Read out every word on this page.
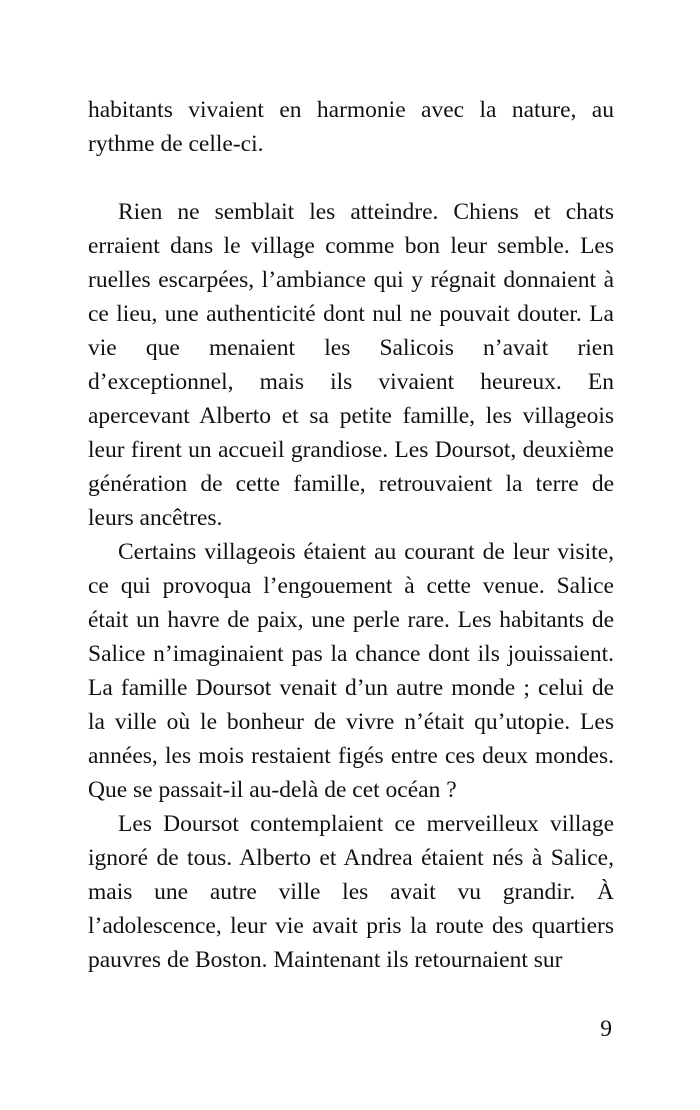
habitants vivaient en harmonie avec la nature, au rythme de celle-ci.

Rien ne semblait les atteindre. Chiens et chats erraient dans le village comme bon leur semble. Les ruelles escarpées, l’ambiance qui y régnait donnaient à ce lieu, une authenticité dont nul ne pouvait douter. La vie que menaient les Salicois n’avait rien d’exceptionnel, mais ils vivaient heureux. En apercevant Alberto et sa petite famille, les villageois leur firent un accueil grandiose. Les Doursot, deuxième génération de cette famille, retrouvaient la terre de leurs ancêtres.

Certains villageois étaient au courant de leur visite, ce qui provoqua l’engouement à cette venue. Salice était un havre de paix, une perle rare. Les habitants de Salice n’imaginaient pas la chance dont ils jouissaient. La famille Doursot venait d’un autre monde ; celui de la ville où le bonheur de vivre n’était qu’utopie. Les années, les mois restaient figés entre ces deux mondes. Que se passait-il au-delà de cet océan ?

Les Doursot contemplaient ce merveilleux village ignoré de tous. Alberto et Andrea étaient nés à Salice, mais une autre ville les avait vu grandir. À l’adolescence, leur vie avait pris la route des quartiers pauvres de Boston. Maintenant ils retournaient sur

9
